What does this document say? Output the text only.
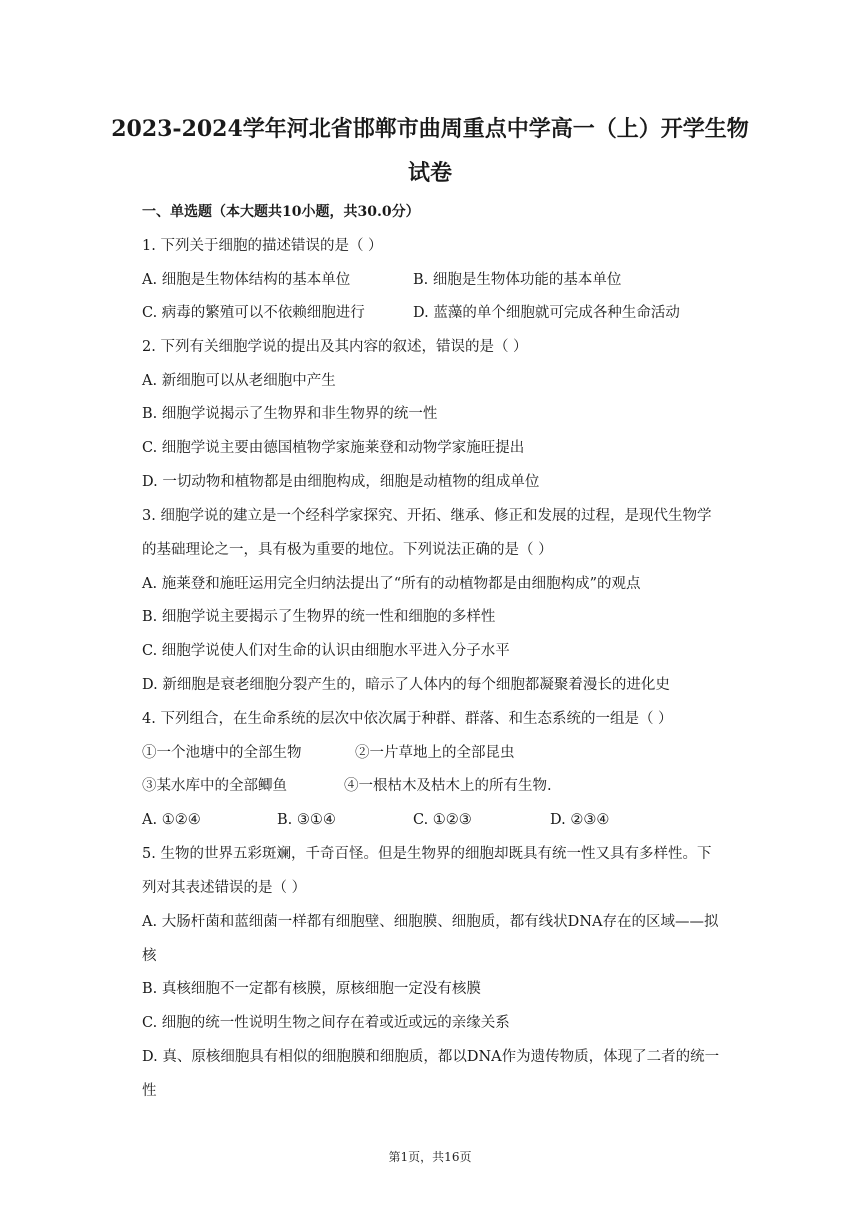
2023-2024学年河北省邯郸市曲周重点中学高一（上）开学生物
试卷
一、单选题（本大题共10小题，共30.0分）
1. 下列关于细胞的描述错误的是（ ）
A. 细胞是生物体结构的基本单位	B. 细胞是生物体功能的基本单位
C. 病毒的繁殖可以不依赖细胞进行	D. 蓝藻的单个细胞就可完成各种生命活动
2. 下列有关细胞学说的提出及其内容的叙述，错误的是（ ）
A. 新细胞可以从老细胞中产生
B. 细胞学说揭示了生物界和非生物界的统一性
C. 细胞学说主要由德国植物学家施莱登和动物学家施旺提出
D. 一切动物和植物都是由细胞构成，细胞是动植物的组成单位
3. 细胞学说的建立是一个经科学家探究、开拓、继承、修正和发展的过程，是现代生物学
的基础理论之一，具有极为重要的地位。下列说法正确的是（ ）
A. 施莱登和施旺运用完全归纳法提出了“所有的动植物都是由细胞构成”的观点
B. 细胞学说主要揭示了生物界的统一性和细胞的多样性
C. 细胞学说使人们对生命的认识由细胞水平进入分子水平
D. 新细胞是衰老细胞分裂产生的，暗示了人体内的每个细胞都凝聚着漫长的进化史
4. 下列组合，在生命系统的层次中依次属于种群、群落、和生态系统的一组是（ ）
①一个池塘中的全部生物	②一片草地上的全部昆虫
③某水库中的全部鲫鱼	④一根枯木及枯木上的所有生物.
A. ①②④	B. ③①④	C. ①②③	D. ②③④
5. 生物的世界五彩斑斓，千奇百怪。但是生物界的细胞却既具有统一性又具有多样性。下
列对其表述错误的是（ ）
A. 大肠杆菌和蓝细菌一样都有细胞壁、细胞膜、细胞质，都有线状DNA存在的区域——拟
核
B. 真核细胞不一定都有核膜，原核细胞一定没有核膜
C. 细胞的统一性说明生物之间存在着或近或远的亲缘关系
D. 真、原核细胞具有相似的细胞膜和细胞质，都以DNA作为遗传物质，体现了二者的统一
性
第1页，共16页
